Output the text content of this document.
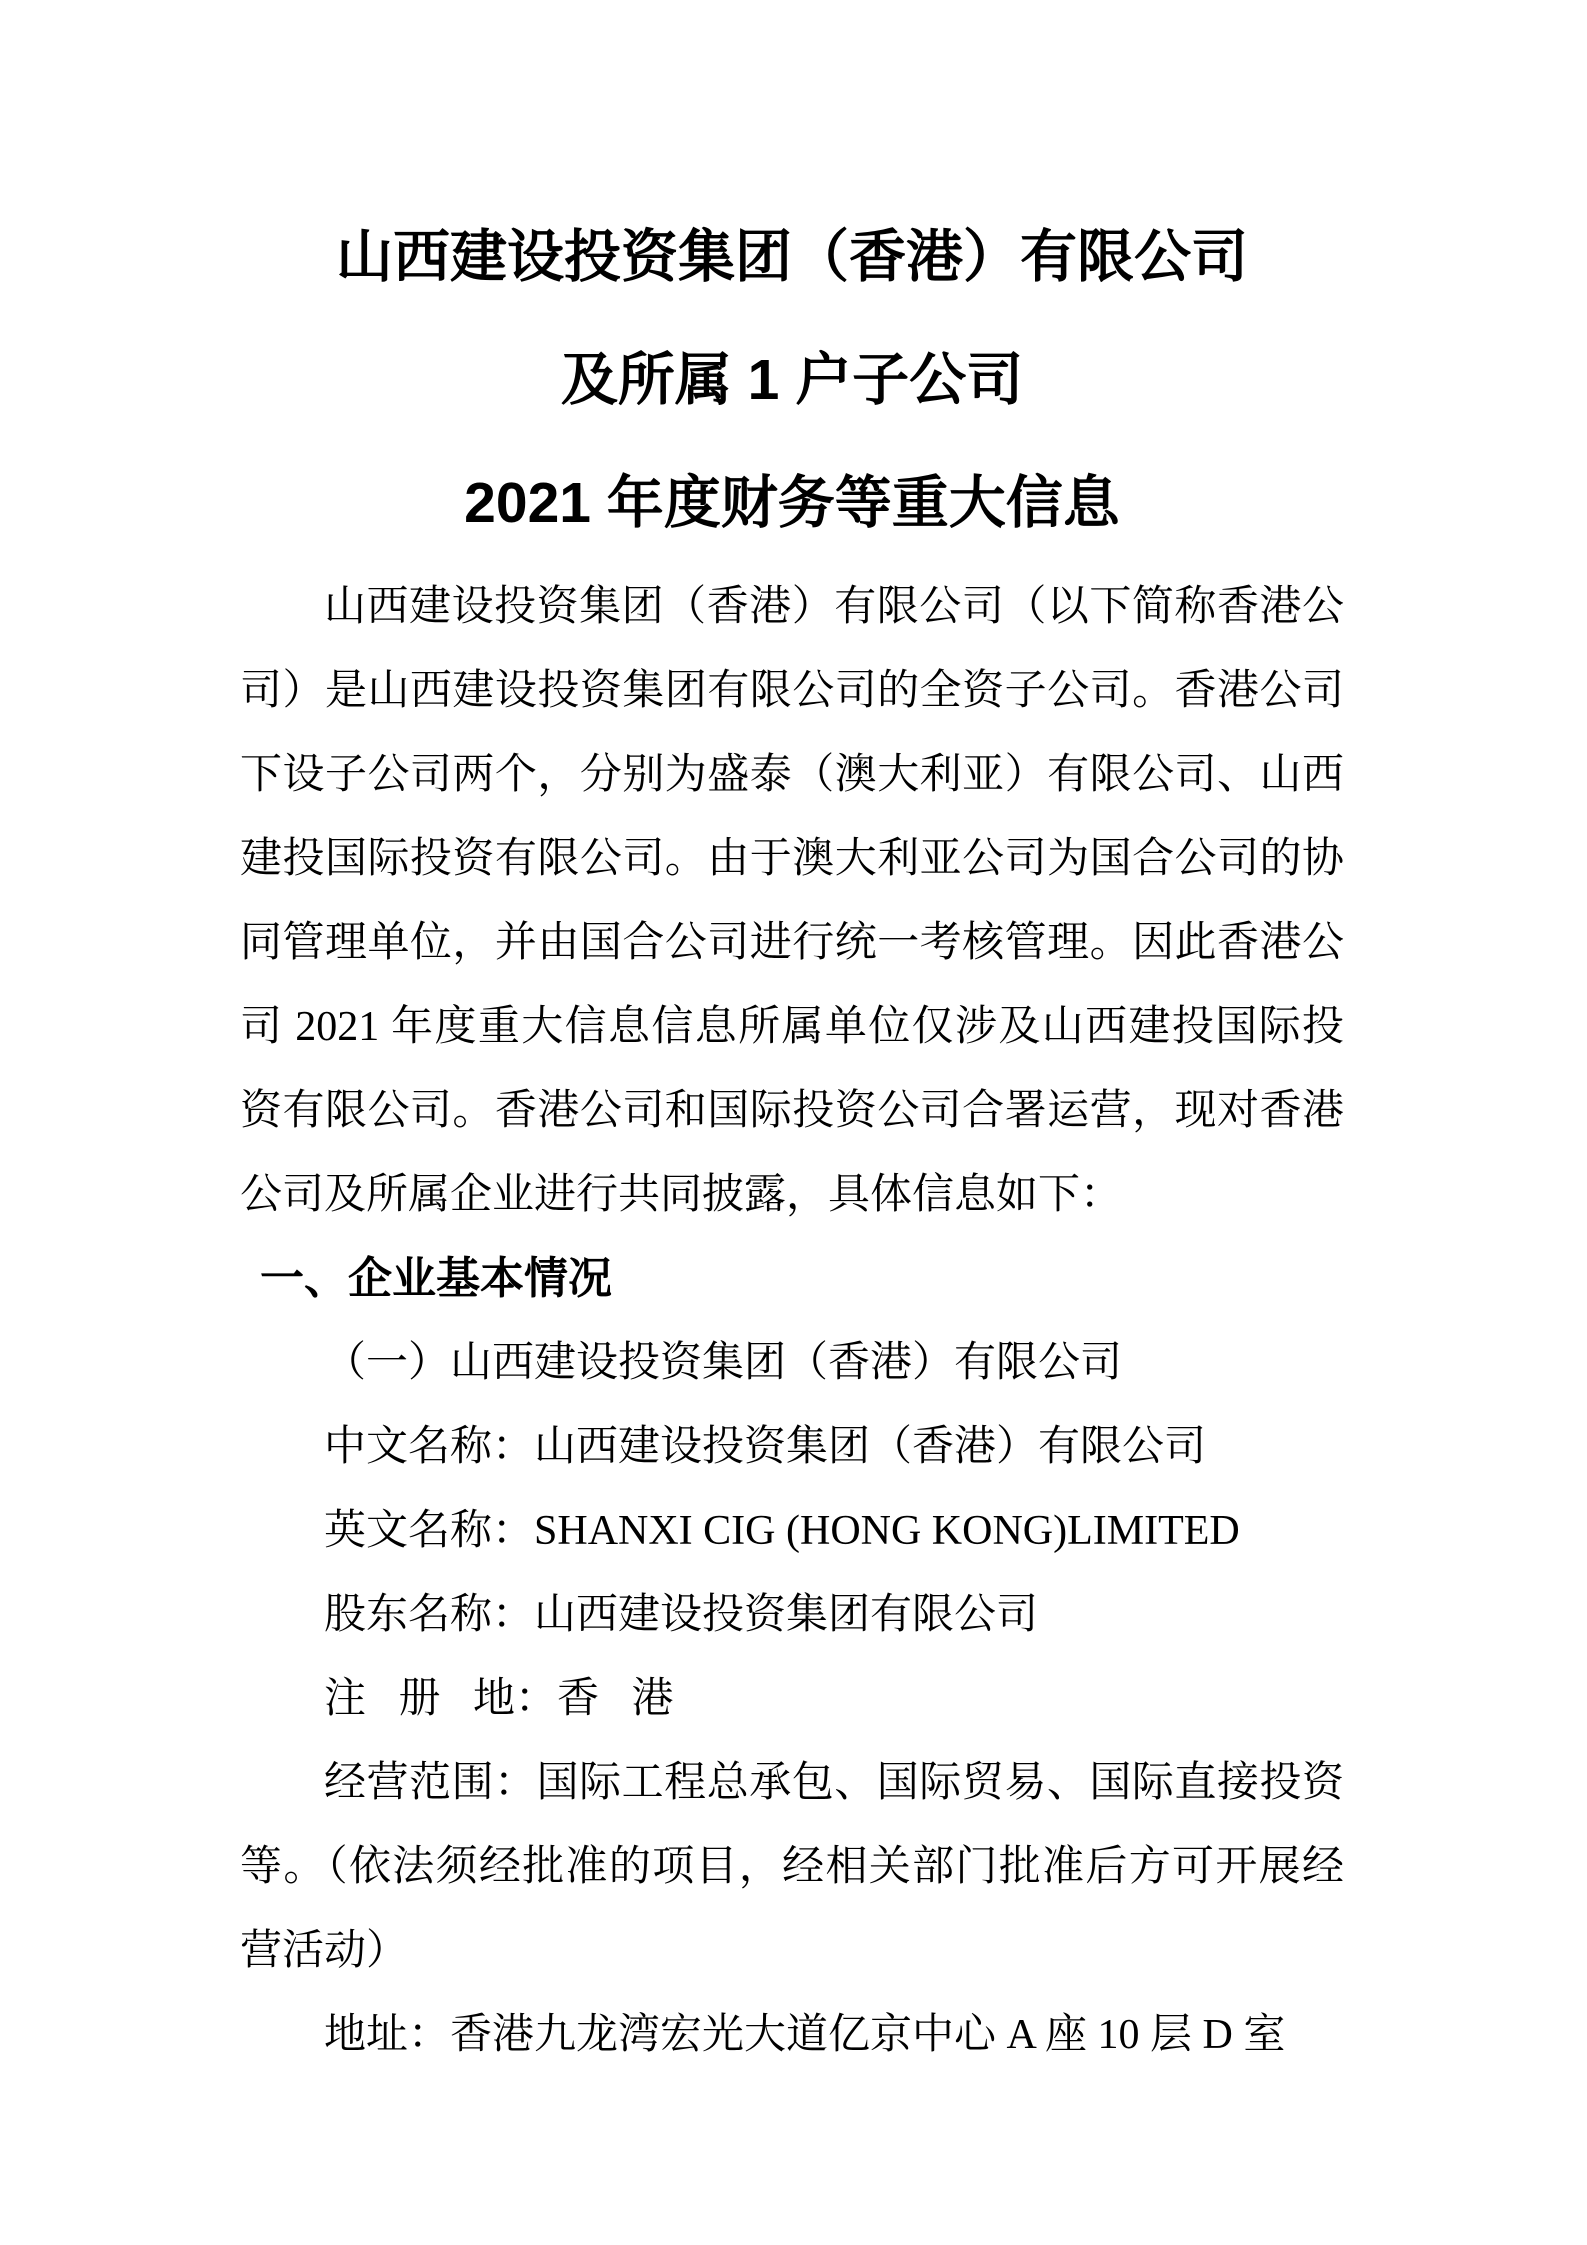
山西建设投资集团（香港）有限公司
及所属 1 户子公司
2021 年度财务等重大信息
山西建设投资集团（香港）有限公司（以下简称香港公
司）是山西建设投资集团有限公司的全资子公司。香港公司
下设子公司两个，分别为盛泰（澳大利亚）有限公司、山西
建投国际投资有限公司。由于澳大利亚公司为国合公司的协
同管理单位，并由国合公司进行统一考核管理。因此香港公
司 2021 年度重大信息信息所属单位仅涉及山西建投国际投
资有限公司。香港公司和国际投资公司合署运营，现对香港
公司及所属企业进行共同披露，具体信息如下：
一、企业基本情况
（一）山西建设投资集团（香港）有限公司
中文名称：山西建设投资集团（香港）有限公司
英文名称：SHANXI CIG (HONG KONG)LIMITED
股东名称：山西建设投资集团有限公司
注 册 地：香 港
经营范围：国际工程总承包、国际贸易、国际直接投资
等。（依法须经批准的项目，经相关部门批准后方可开展经
营活动）
地址：香港九龙湾宏光大道亿京中心 A 座 10 层 D 室
